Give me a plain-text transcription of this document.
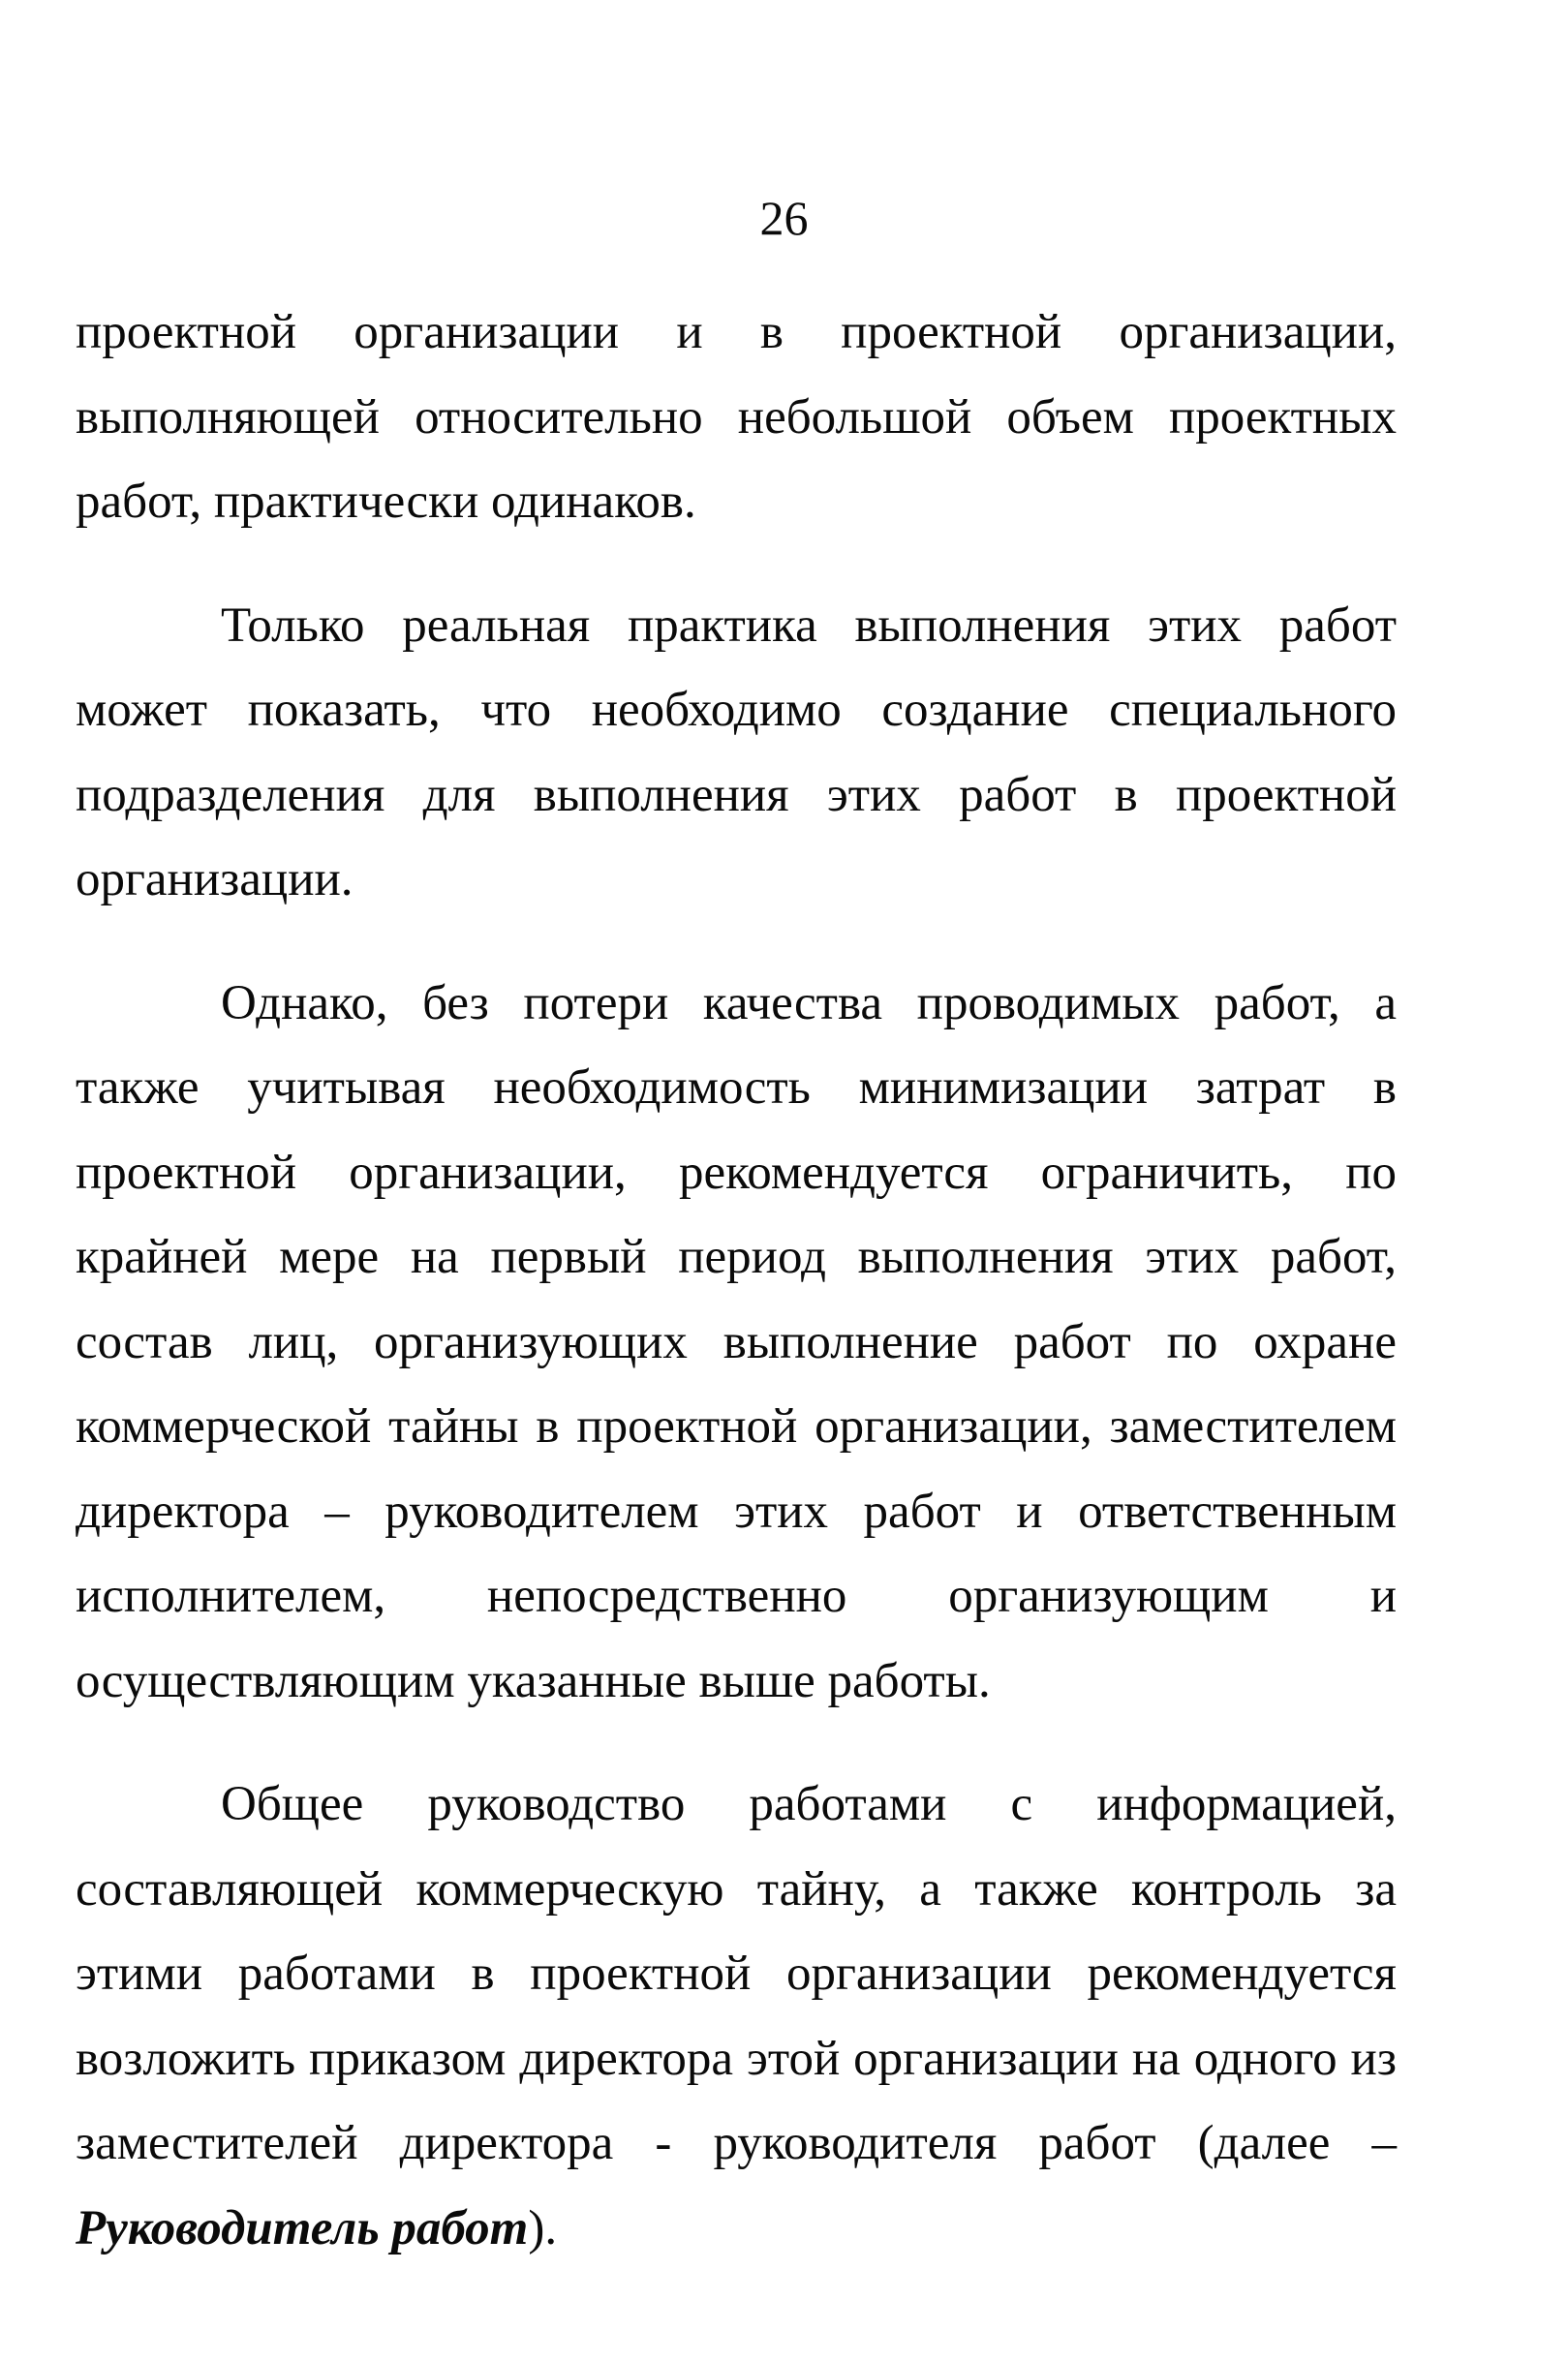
26

проектной организации и в проектной организации, выполняющей относительно небольшой объем проектных работ, практически одинаков.

Только реальная практика выполнения этих работ может показать, что необходимо создание специального подразделения для выполнения этих работ в проектной организации.

Однако, без потери качества проводимых работ, а также учитывая необходимость минимизации затрат в проектной организации, рекомендуется ограничить, по крайней мере на первый период выполнения этих работ, состав лиц, организующих выполнение работ по охране коммерческой тайны в проектной организации, заместителем директора – руководителем этих работ и ответственным исполнителем, непосредственно организующим и осуществляющим указанные выше работы.

Общее руководство работами с информацией, составляющей коммерческую тайну, а также контроль за этими работами в проектной организации рекомендуется возложить приказом директора этой организации на одного из заместителей директора - руководителя работ (далее – Руководитель работ).
